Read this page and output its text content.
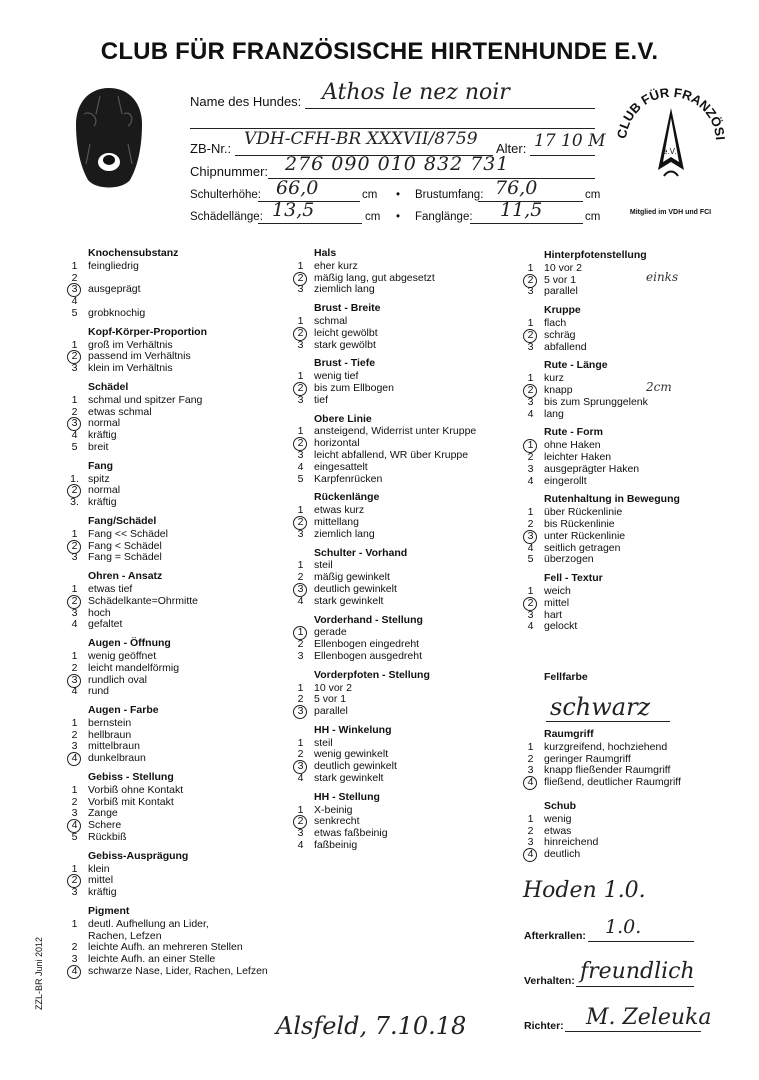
CLUB FÜR FRANZÖSISCHE HIRTENHUNDE E.V.
Name des Hundes: Athos le nez noir
ZB-Nr.: VDH-CFH-BR XXXVII/8759 Alter: 17 10 M
Chipnummer: 276 090 010 832 731
Schulterhöhe: 66,0	cm • Brustumfang: 76,0	cm
Schädellänge: 13,5	cm • Fanglänge: 11,5	cm
CLUB FÜR FRANZÖSI
e.V.
Mitglied im VDH und FCI
Knochensubstanz
1 feingliedrig
2
3 ausgeprägt
4
5 grobknochig
Kopf-Körper-Proportion
1 groß im Verhältnis
2 passend im Verhältnis
3 klein im Verhältnis
Schädel
1 schmal und spitzer Fang
2 etwas schmal
3 normal
4 kräftig
5 breit
Fang
1. spitz
2 normal
3. kräftig
Fang/Schädel
1 Fang << Schädel
2 Fang < Schädel
3 Fang = Schädel
Ohren - Ansatz
1 etwas tief
2 Schädelkante=Ohrmitte
3 hoch
4 gefaltet
Augen - Öffnung
1 wenig geöffnet
2 leicht mandelförmig
3 rundlich oval
4 rund
Augen - Farbe
1 bernstein
2 hellbraun
3 mittelbraun
4 dunkelbraun
Gebiss - Stellung
1 Vorbiß ohne Kontakt
2 Vorbiß mit Kontakt
3 Zange
4 Schere
5 Rückbiß
Gebiss-Ausprägung
1 klein
2 mittel
3 kräftig
Pigment
1 deutl. Aufhellung an Lider,
Rachen, Lefzen
2 leichte Aufh. an mehreren Stellen
3 leichte Aufh. an einer Stelle
4 schwarze Nase, Lider, Rachen, Lefzen
Hals
1 eher kurz
2 mäßig lang, gut abgesetzt
3 ziemlich lang
Brust - Breite
1 schmal
2 leicht gewölbt
3 stark gewölbt
Brust - Tiefe
1 wenig tief
2 bis zum Ellbogen
3 tief
Obere Linie
1 ansteigend, Widerrist unter Kruppe
2 horizontal
3 leicht abfallend, WR über Kruppe
4 eingesattelt
5 Karpfenrücken
Rückenlänge
1 etwas kurz
2 mittellang
3 ziemlich lang
Schulter - Vorhand
1 steil
2 mäßig gewinkelt
3 deutlich gewinkelt
4 stark gewinkelt
Vorderhand - Stellung
1 gerade
2 Ellenbogen eingedreht
3 Ellenbogen ausgedreht
Vorderpfoten - Stellung
1 10 vor 2
2 5 vor 1
3 parallel
HH - Winkelung
1 steil
2 wenig gewinkelt
3 deutlich gewinkelt
4 stark gewinkelt
HH - Stellung
1 X-beinig
2 senkrecht
3 etwas faßbeinig
4 faßbeinig
Hinterpfotenstellung
1 10 vor 2
2 5 vor 1	einks
3 parallel
Kruppe
1 flach
2 schräg
3 abfallend
Rute - Länge
1 kurz
2 knapp	2cm
3 bis zum Sprunggelenk
4 lang
Rute - Form
1 ohne Haken
2 leichter Haken
3 ausgeprägter Haken
4 eingerollt
Rutenhaltung in Bewegung
1 über Rückenlinie
2 bis Rückenlinie
3 unter Rückenlinie
4 seitlich getragen
5 überzogen
Fell - Textur
1 weich
2 mittel
3 hart
4 gelockt
Fellfarbe
schwarz
Raumgriff
1 kurzgreifend, hochziehend
2 geringer Raumgriff
3 knapp fließender Raumgriff
4 fließend, deutlicher Raumgriff
Schub
1 wenig
2 etwas
3 hinreichend
4 deutlich
Hoden 1.0.
Afterkrallen: 1.0.
Verhalten: freundlich
Richter: M. Zeleuka
Alsfeld, 7.10.18
ZZL-BR Juni 2012
